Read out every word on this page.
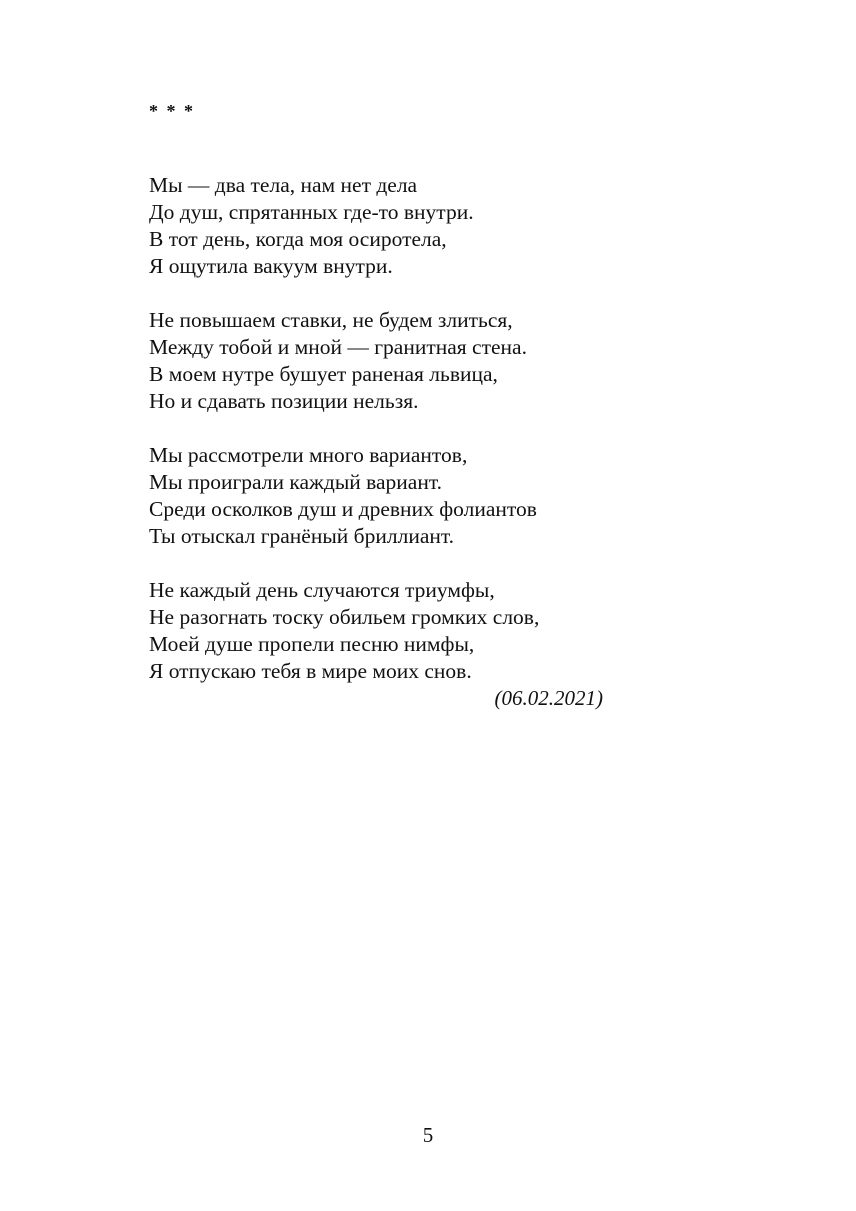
* * *
Мы — два тела, нам нет дела
До душ, спрятанных где-то внутри.
В тот день, когда моя осиротела,
Я ощутила вакуум внутри.
Не повышаем ставки, не будем злиться,
Между тобой и мной — гранитная стена.
В моем нутре бушует раненая львица,
Но и сдавать позиции нельзя.
Мы рассмотрели много вариантов,
Мы проиграли каждый вариант.
Среди осколков душ и древних фолиантов
Ты отыскал гранёный бриллиант.
Не каждый день случаются триумфы,
Не разогнать тоску обильем громких слов,
Моей душе пропели песню нимфы,
Я отпускаю тебя в мире моих снов.
(06.02.2021)
5
